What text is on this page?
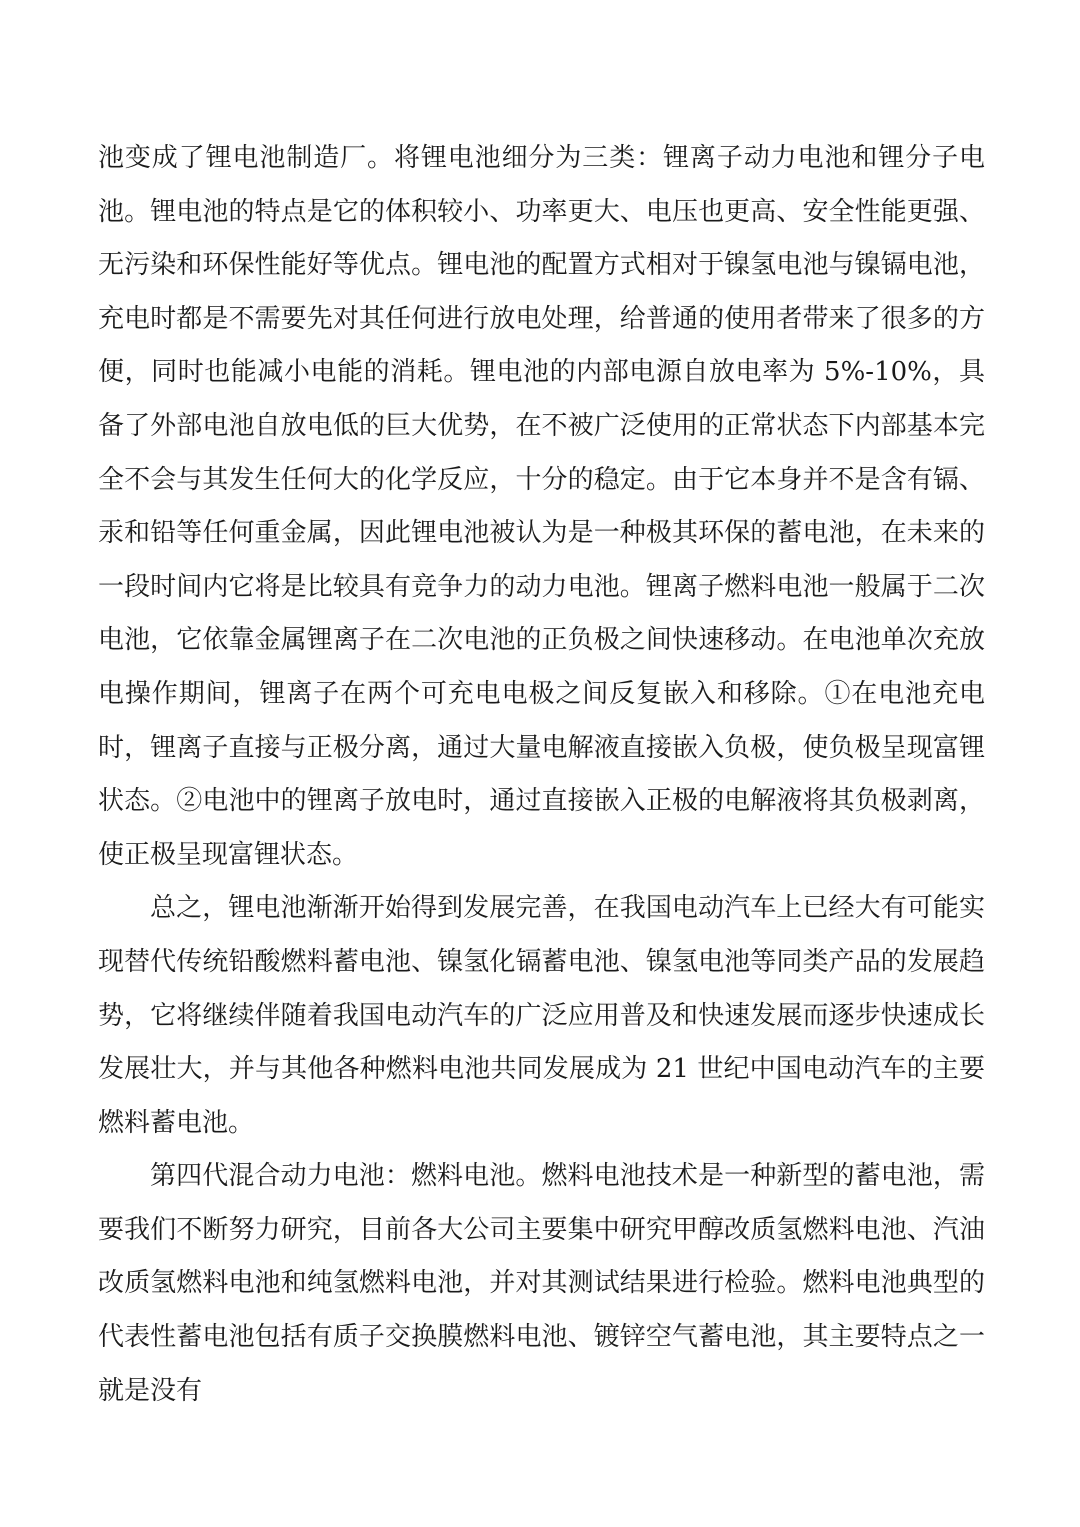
池变成了锂电池制造厂。将锂电池细分为三类：锂离子动力电池和锂分子电池。锂电池的特点是它的体积较小、功率更大、电压也更高、安全性能更强、无污染和环保性能好等优点。锂电池的配置方式相对于镍氢电池与镍镉电池，充电时都是不需要先对其任何进行放电处理，给普通的使用者带来了很多的方便，同时也能减小电能的消耗。锂电池的内部电源自放电率为 5%-10%，具备了外部电池自放电低的巨大优势，在不被广泛使用的正常状态下内部基本完全不会与其发生任何大的化学反应，十分的稳定。由于它本身并不是含有镉、汞和铅等任何重金属，因此锂电池被认为是一种极其环保的蓄电池，在未来的一段时间内它将是比较具有竞争力的动力电池。锂离子燃料电池一般属于二次电池，它依靠金属锂离子在二次电池的正负极之间快速移动。在电池单次充放电操作期间，锂离子在两个可充电电极之间反复嵌入和移除。①在电池充电时，锂离子直接与正极分离，通过大量电解液直接嵌入负极，使负极呈现富锂状态。②电池中的锂离子放电时，通过直接嵌入正极的电解液将其负极剥离，使正极呈现富锂状态。

总之，锂电池渐渐开始得到发展完善，在我国电动汽车上已经大有可能实现替代传统铅酸燃料蓄电池、镍氢化镉蓄电池、镍氢电池等同类产品的发展趋势，它将继续伴随着我国电动汽车的广泛应用普及和快速发展而逐步快速成长发展壮大，并与其他各种燃料电池共同发展成为 21 世纪中国电动汽车的主要燃料蓄电池。

第四代混合动力电池：燃料电池。燃料电池技术是一种新型的蓄电池，需要我们不断努力研究，目前各大公司主要集中研究甲醇改质氢燃料电池、汽油改质氢燃料电池和纯氢燃料电池，并对其测试结果进行检验。燃料电池典型的代表性蓄电池包括有质子交换膜燃料电池、镀锌空气蓄电池，其主要特点之一就是没有
